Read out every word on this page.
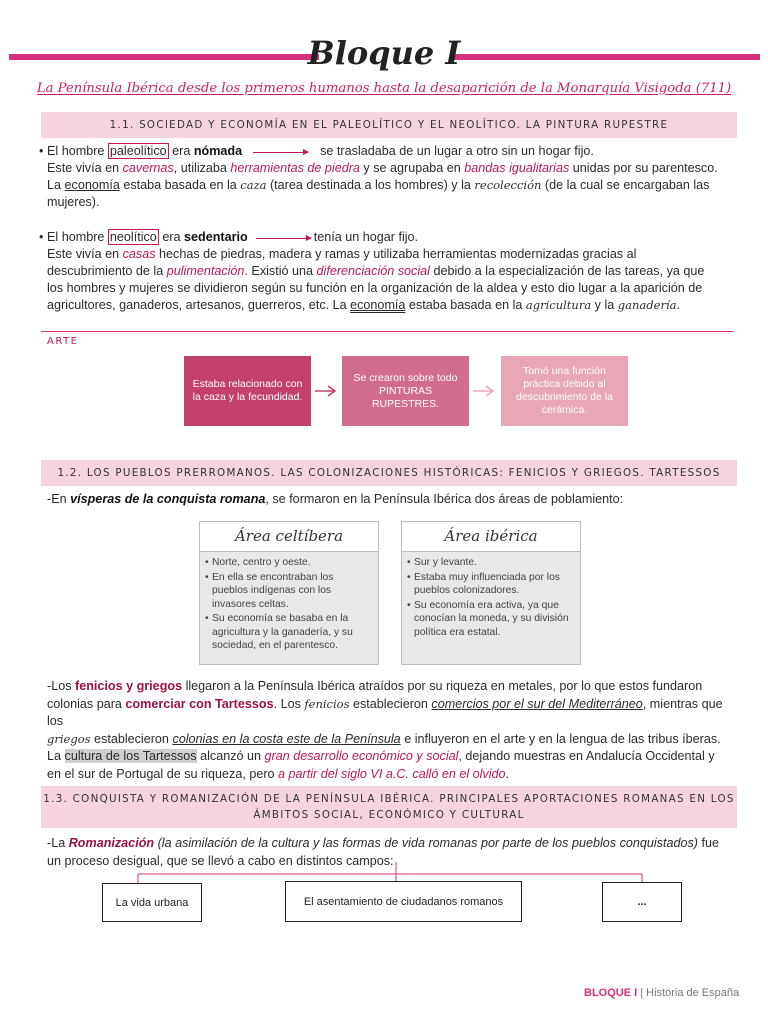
Bloque I
La Península Ibérica desde los primeros humanos hasta la desaparición de la Monarquía Visigoda (711)
1.1. SOCIEDAD Y ECONOMÍA EN EL PALEOLÍTICO Y EL NEOLÍTICO. LA PINTURA RUPESTRE
• El hombre paleolítico era nómada	se trasladaba de un lugar a otro sin un hogar fijo.
Este vivía en cavernas, utilizaba herramientas de piedra y se agrupaba en bandas igualitarias unidas por su parentesco.
La economía estaba basada en la caza (tarea destinada a los hombres) y la recolección (de la cual se encargaban las
mujeres).
• El hombre neolítico era sedentario	tenía un hogar fijo.
Este vivía en casas hechas de piedras, madera y ramas y utilizaba herramientas modernizadas gracias al
descubrimiento de la pulimentación. Existió una diferenciación social debido a la especialización de las tareas, ya que
los hombres y mujeres se dividieron según su función en la organización de la aldea y esto dio lugar a la aparición de
agricultores, ganaderos, artesanos, guerreros, etc. La economía estaba basada en la agricultura y la ganadería.
ARTE
Estaba relacionado con la caza y la fecundidad.
Se crearon sobre todo PINTURAS RUPESTRES.
Tomó una función práctica debido al descubrimiento de la cerámica.
1.2. LOS PUEBLOS PRERROMANOS. LAS COLONIZACIONES HISTÓRICAS: FENICIOS Y GRIEGOS. TARTESSOS
-En vísperas de la conquista romana, se formaron en la Península Ibérica dos áreas de poblamiento:
Área celtíbera
• Norte, centro y oeste.
• En ella se encontraban los pueblos indígenas con los invasores celtas.
• Su economía se basaba en la agricultura y la ganadería, y su sociedad, en el parentesco.
Área ibérica
• Sur y levante.
• Estaba muy influenciada por los pueblos colonizadores.
• Su economía era activa, ya que conocían la moneda, y su división política era estatal.
-Los fenicios y griegos llegaron a la Península Ibérica atraídos por su riqueza en metales, por lo que estos fundaron
colonias para comerciar con Tartessos. Los fenicios establecieron comercios por el sur del Mediterráneo, mientras que los
griegos establecieron colonias en la costa este de la Península e influyeron en el arte y en la lengua de las tribus íberas.
La cultura de los Tartessos alcanzó un gran desarrollo económico y social, dejando muestras en Andalucía Occidental y
en el sur de Portugal de su riqueza, pero a partir del siglo VI a.C. calló en el olvido.
1.3. CONQUISTA Y ROMANIZACIÓN DE LA PENÍNSULA IBÉRICA. PRINCIPALES APORTACIONES ROMANAS EN LOS
ÁMBITOS SOCIAL, ECONÓMICO Y CULTURAL
-La Romanización (la asimilación de la cultura y las formas de vida romanas por parte de los pueblos conquistados) fue
un proceso desigual, que se llevó a cabo en distintos campos:
La vida urbana	El asentamiento de ciudadanos romanos	...
BLOQUE I | Historia de España
